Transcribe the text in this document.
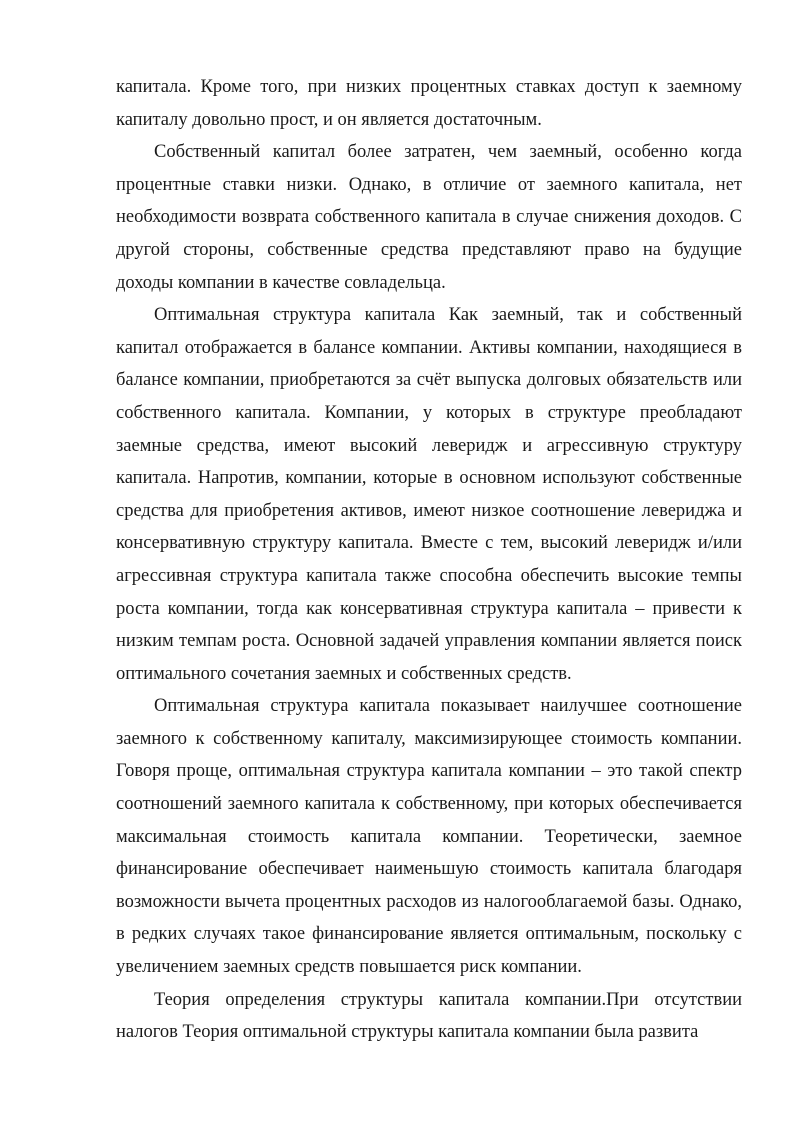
капитала. Кроме того, при низких процентных ставках доступ к заемному капиталу довольно прост, и он является достаточным.

Собственный капитал более затратен, чем заемный, особенно когда процентные ставки низки. Однако, в отличие от заемного капитала, нет необходимости возврата собственного капитала в случае снижения доходов. С другой стороны, собственные средства представляют право на будущие доходы компании в качестве совладельца.

Оптимальная структура капитала Как заемный, так и собственный капитал отображается в балансе компании. Активы компании, находящиеся в балансе компании, приобретаются за счёт выпуска долговых обязательств или собственного капитала. Компании, у которых в структуре преобладают заемные средства, имеют высокий леверидж и агрессивную структуру капитала. Напротив, компании, которые в основном используют собственные средства для приобретения активов, имеют низкое соотношение левериджа и консервативную структуру капитала. Вместе с тем, высокий леверидж и/или агрессивная структура капитала также способна обеспечить высокие темпы роста компании, тогда как консервативная структура капитала – привести к низким темпам роста. Основной задачей управления компании является поиск оптимального сочетания заемных и собственных средств.

Оптимальная структура капитала показывает наилучшее соотношение заемного к собственному капиталу, максимизирующее стоимость компании. Говоря проще, оптимальная структура капитала компании – это такой спектр соотношений заемного капитала к собственному, при которых обеспечивается максимальная стоимость капитала компании. Теоретически, заемное финансирование обеспечивает наименьшую стоимость капитала благодаря возможности вычета процентных расходов из налогооблагаемой базы. Однако, в редких случаях такое финансирование является оптимальным, поскольку с увеличением заемных средств повышается риск компании.

Теория определения структуры капитала компании.При отсутствии налогов Теория оптимальной структуры капитала компании была развита
